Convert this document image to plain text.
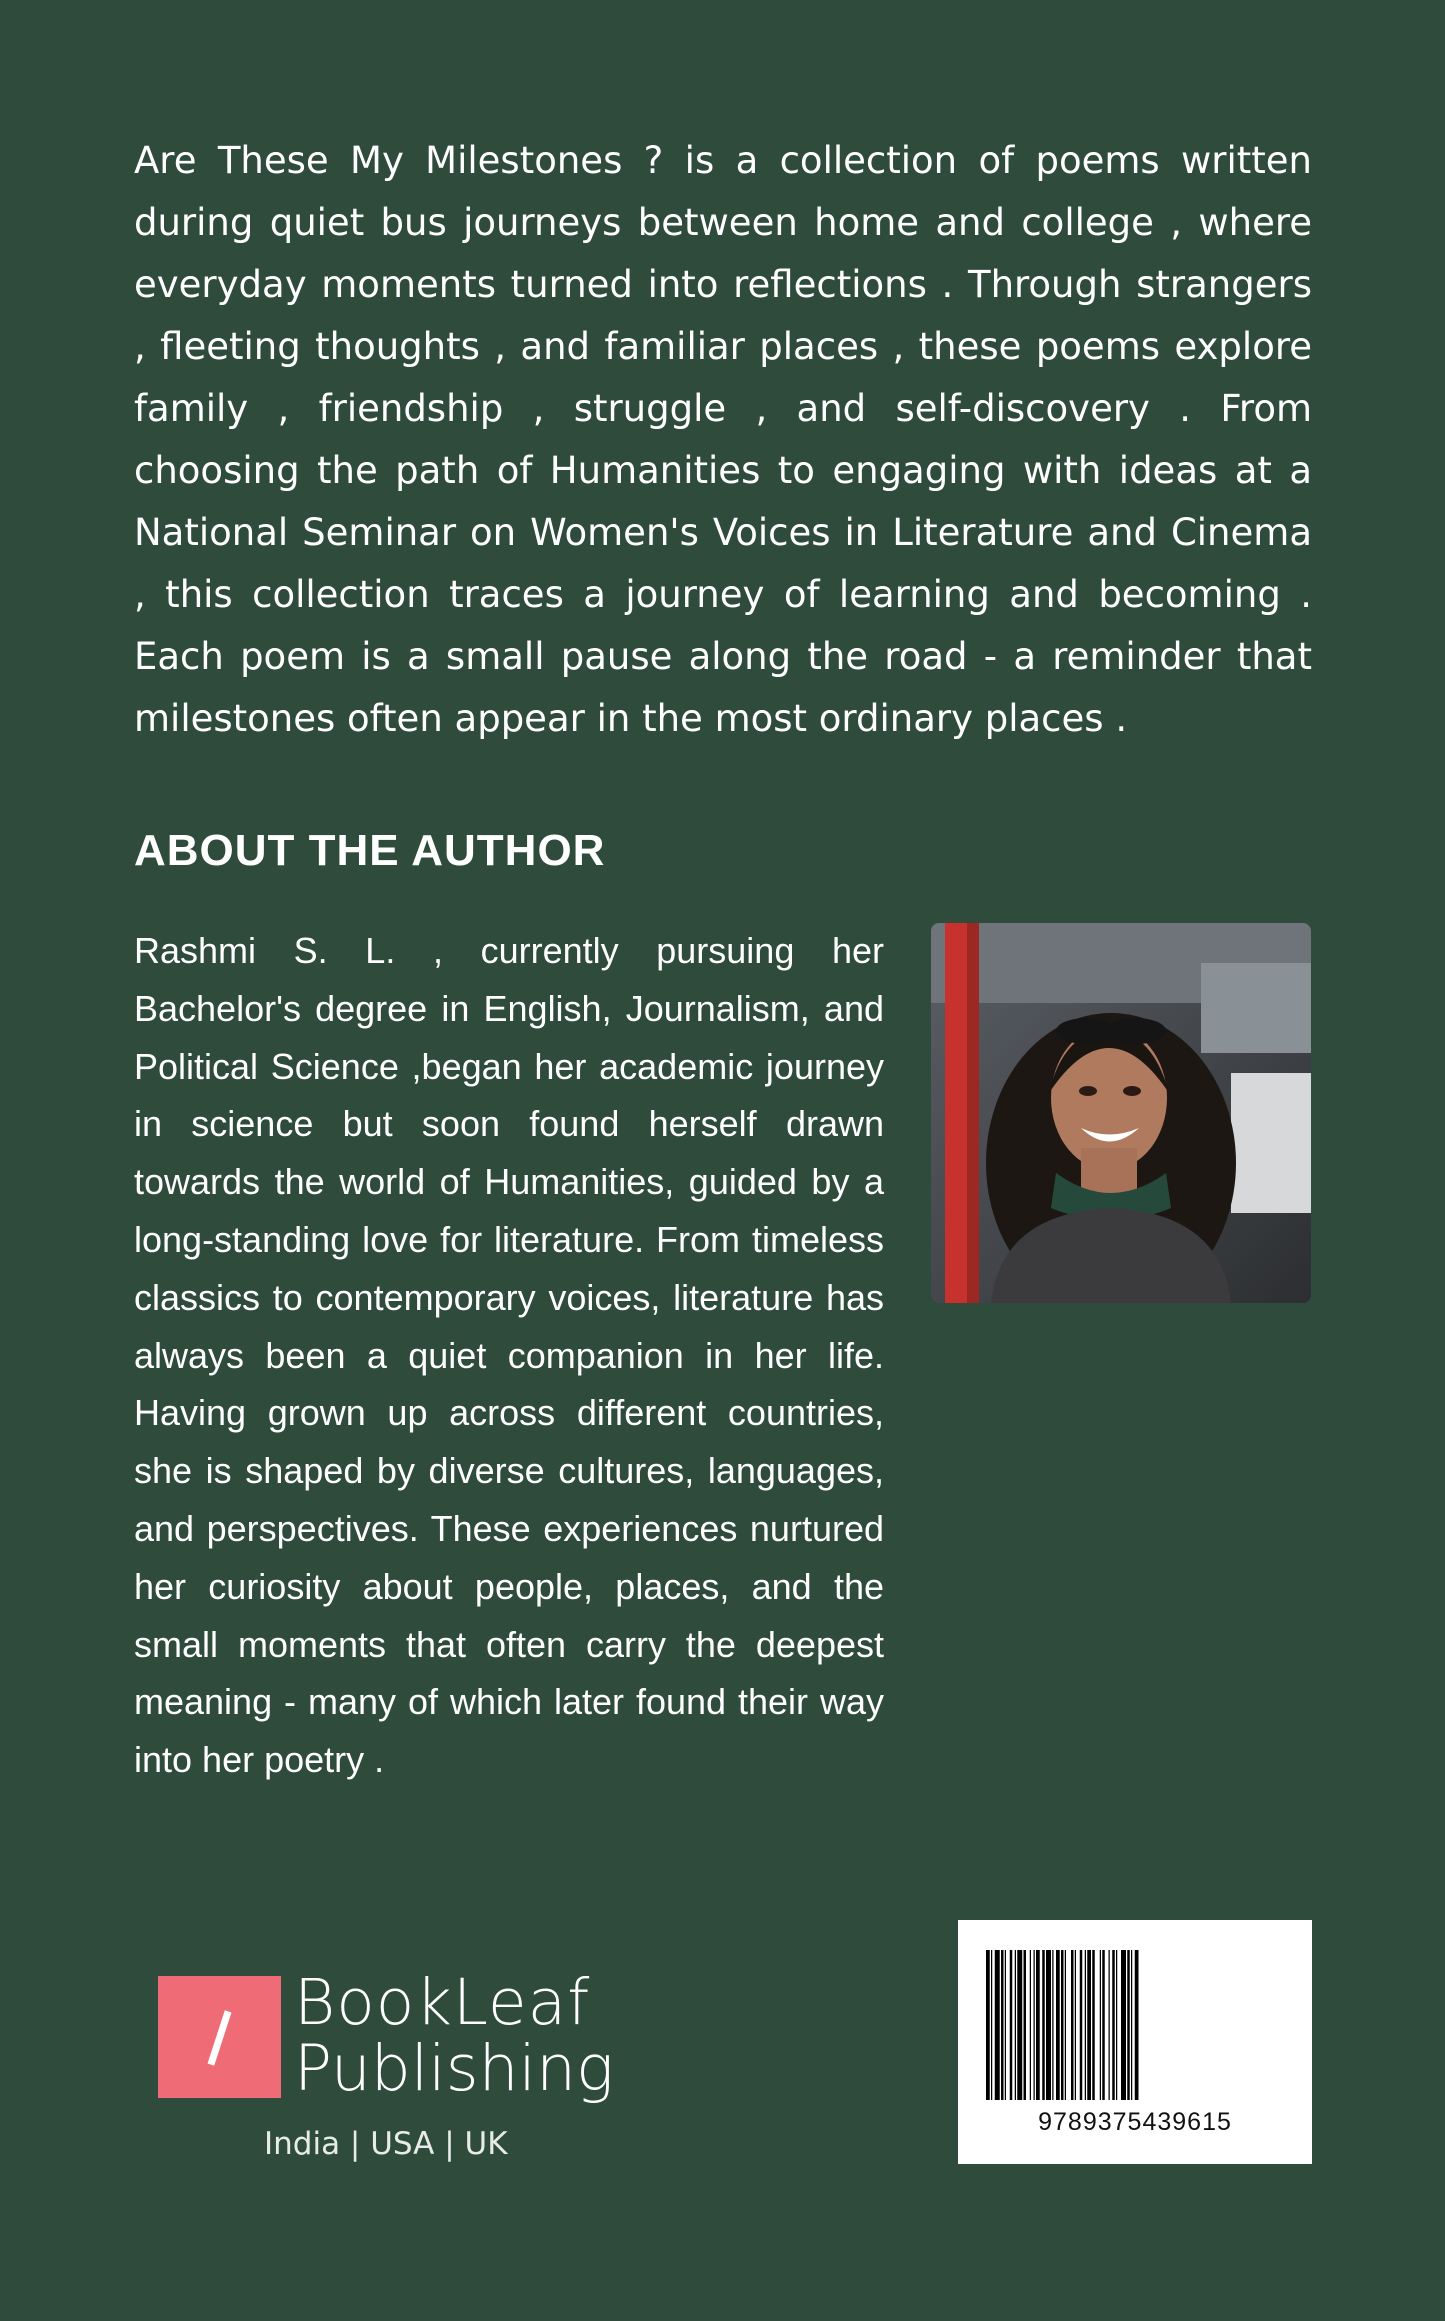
Are These My Milestones ? is a collection of poems written during quiet bus journeys between home and college , where everyday moments turned into reflections . Through strangers , fleeting thoughts , and familiar places , these poems explore family , friendship , struggle , and self-discovery . From choosing the path of Humanities to engaging with ideas at a National Seminar on Women's Voices in Literature and Cinema , this collection traces a journey of learning and becoming . Each poem is a small pause along the road - a reminder that milestones often appear in the most ordinary places .

ABOUT THE AUTHOR

Rashmi S. L. , currently pursuing her Bachelor's degree in English, Journalism, and Political Science ,began her academic journey in science but soon found herself drawn towards the world of Humanities, guided by a long-standing love for literature. From timeless classics to contemporary voices, literature has always been a quiet companion in her life. Having grown up across different countries, she is shaped by diverse cultures, languages, and perspectives. These experiences nurtured her curiosity about people, places, and the small moments that often carry the deepest meaning - many of which later found their way into her poetry .

BookLeaf
Publishing
India | USA | UK
9789375439615
